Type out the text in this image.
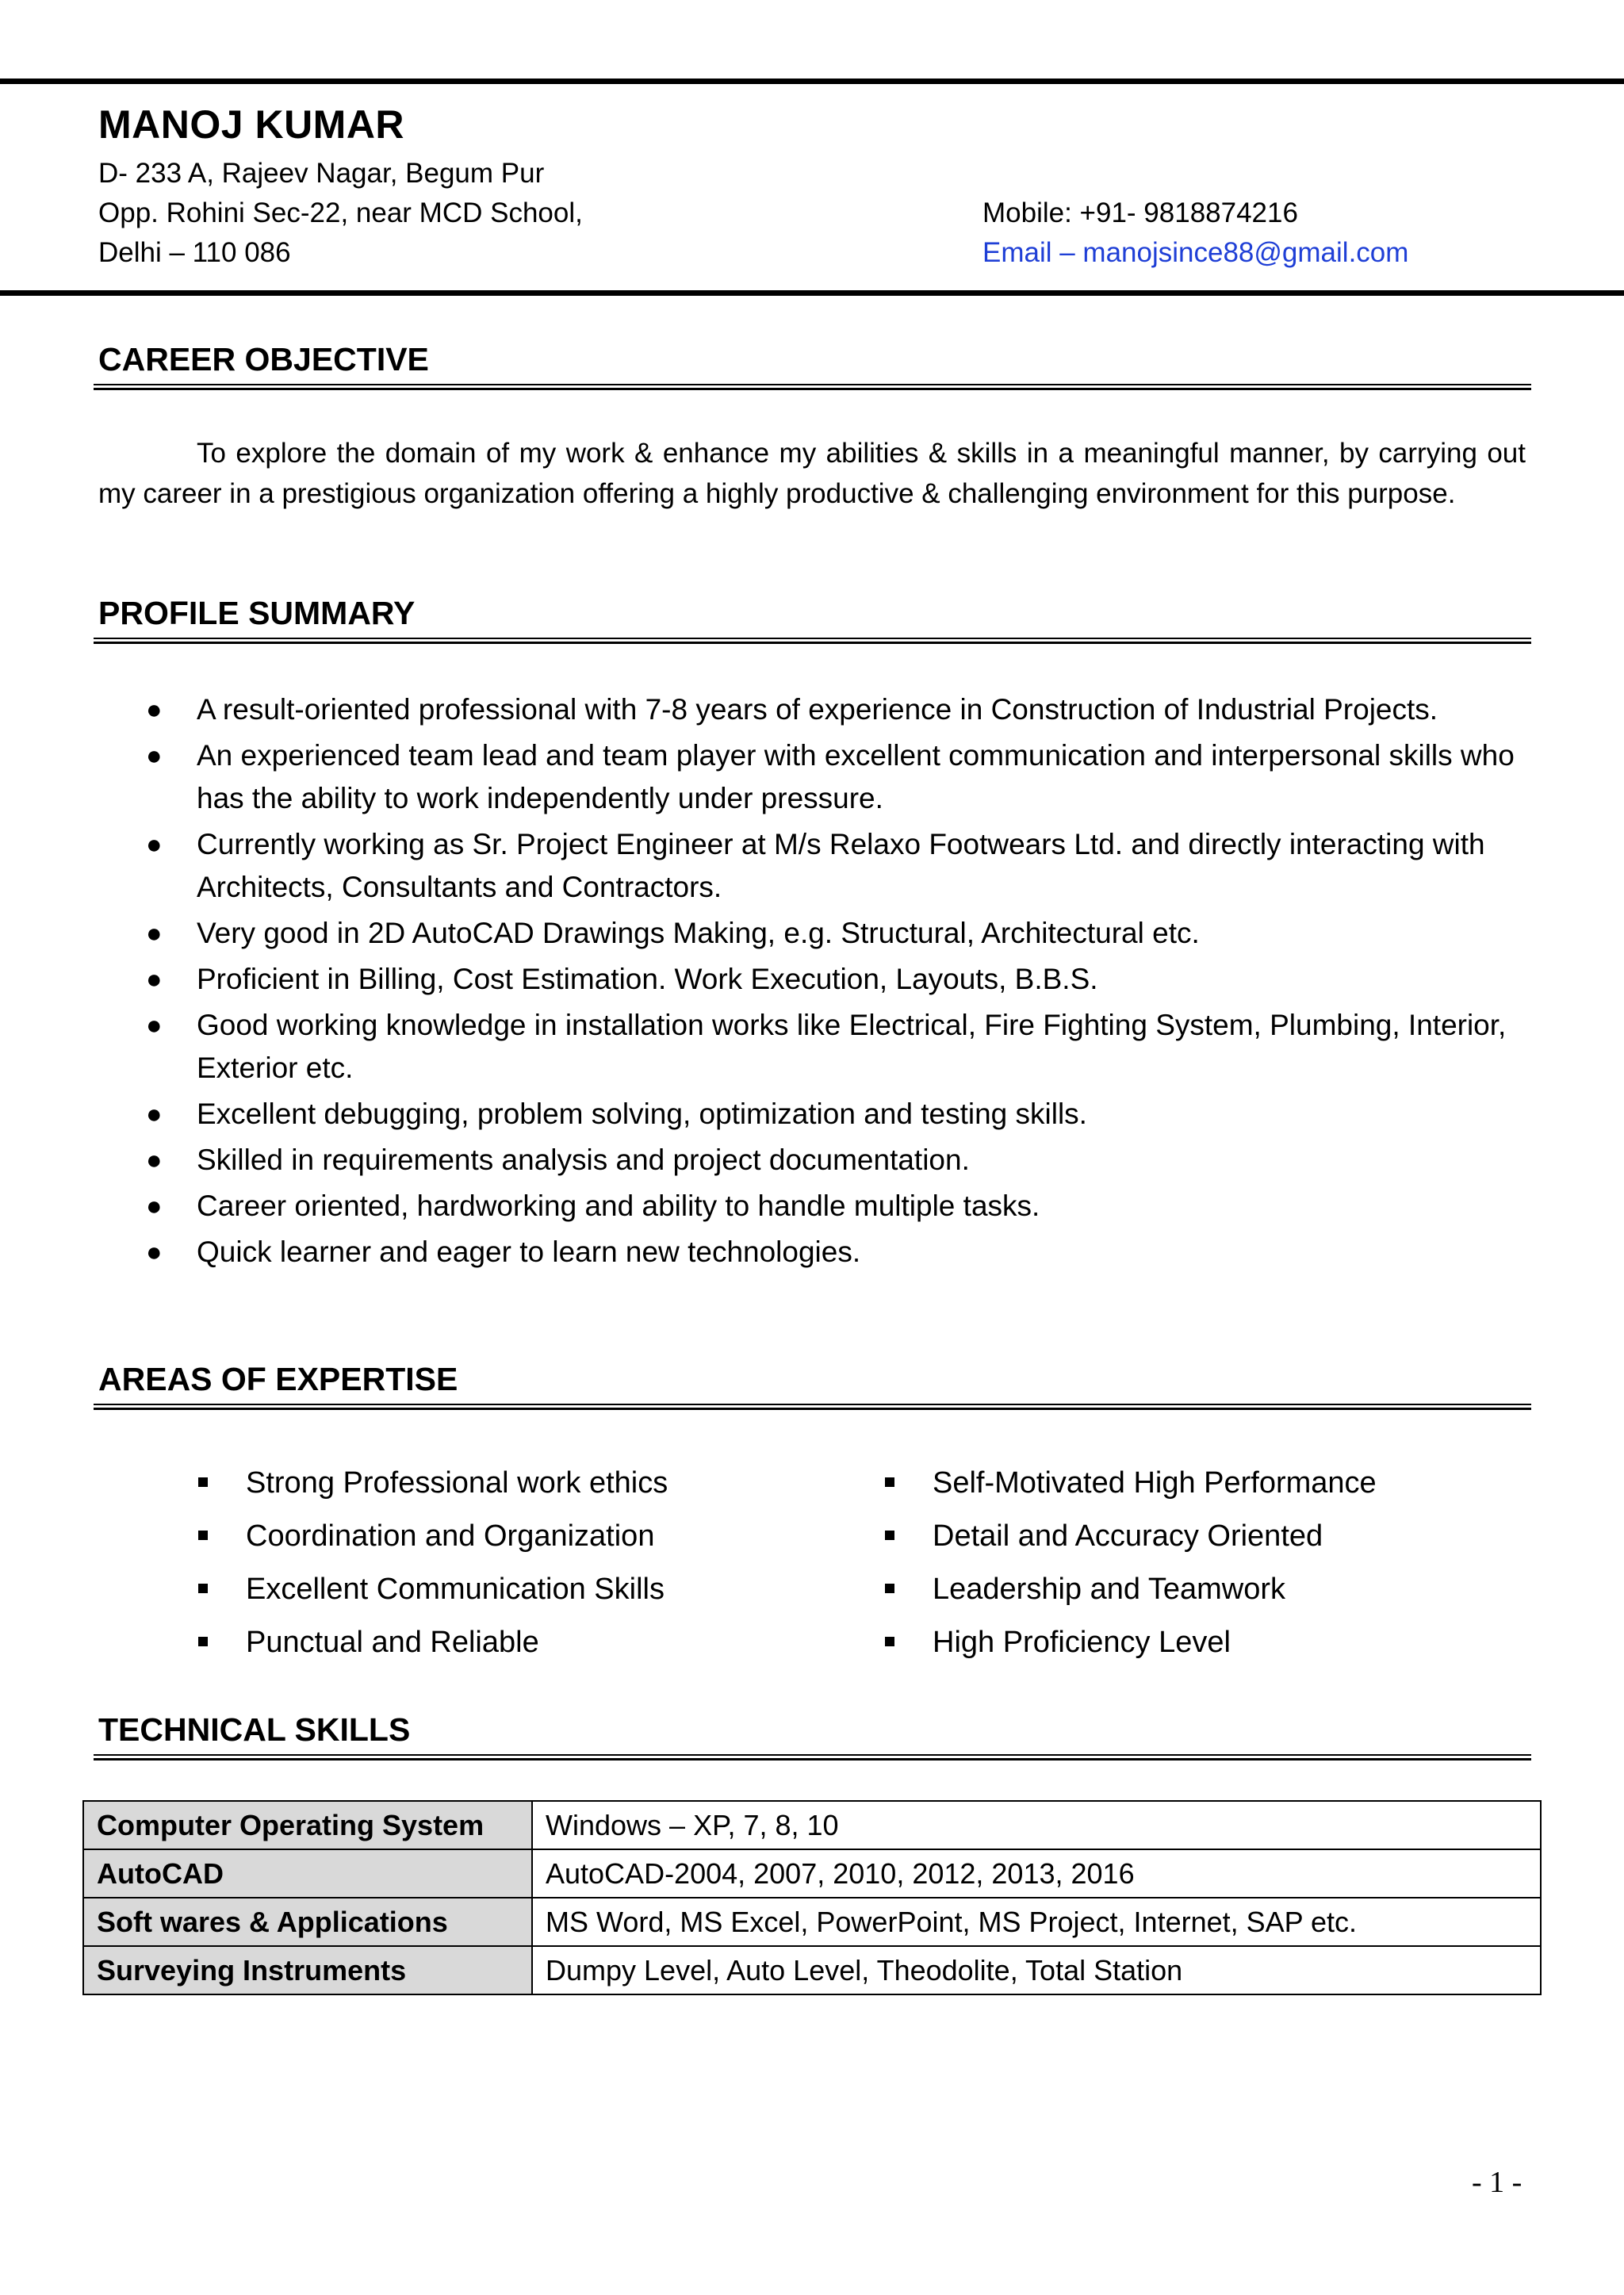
MANOJ KUMAR
D- 233 A, Rajeev Nagar, Begum Pur
Opp. Rohini Sec-22, near MCD School,
Delhi – 110 086
Mobile: +91- 9818874216
Email – manojsince88@gmail.com
CAREER OBJECTIVE
To explore the domain of my work & enhance my abilities & skills in a meaningful manner, by carrying out my career in a prestigious organization offering a highly productive & challenging environment for this purpose.
PROFILE SUMMARY
● A result-oriented professional with 7-8 years of experience in Construction of Industrial Projects.
● An experienced team lead and team player with excellent communication and interpersonal skills who has the ability to work independently under pressure.
● Currently working as Sr. Project Engineer at M/s Relaxo Footwears Ltd. and directly interacting with Architects, Consultants and Contractors.
● Very good in 2D AutoCAD Drawings Making, e.g. Structural, Architectural etc.
● Proficient in Billing, Cost Estimation. Work Execution, Layouts, B.B.S.
● Good working knowledge in installation works like Electrical, Fire Fighting System, Plumbing, Interior, Exterior etc.
● Excellent debugging, problem solving, optimization and testing skills.
● Skilled in requirements analysis and project documentation.
● Career oriented, hardworking and ability to handle multiple tasks.
● Quick learner and eager to learn new technologies.
AREAS OF EXPERTISE
Strong Professional work ethics
Coordination and Organization
Excellent Communication Skills
Punctual and Reliable
Self-Motivated High Performance
Detail and Accuracy Oriented
Leadership and Teamwork
High Proficiency Level
TECHNICAL SKILLS
Computer Operating System	Windows – XP, 7, 8, 10
AutoCAD	AutoCAD-2004, 2007, 2010, 2012, 2013, 2016
Soft wares & Applications	MS Word, MS Excel, PowerPoint, MS Project, Internet, SAP etc.
Surveying Instruments	Dumpy Level, Auto Level, Theodolite, Total Station
- 1 -
